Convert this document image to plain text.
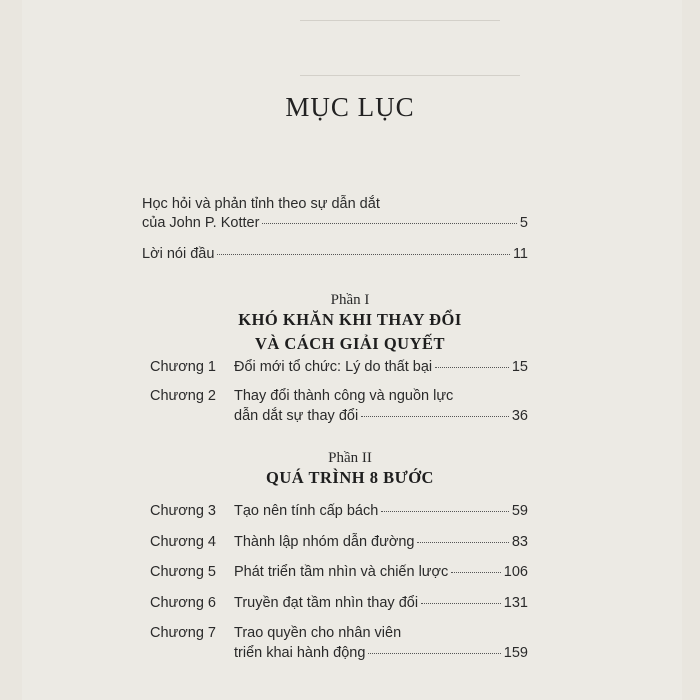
MỤC LỤC
Học hỏi và phản tỉnh theo sự dẫn dắt
của John P. Kotter	5
Lời nói đầu	11
Phần I
KHÓ KHĂN KHI THAY ĐỔI
VÀ CÁCH GIẢI QUYẾT
Chương 1 Đổi mới tổ chức: Lý do thất bại	15
Chương 2 Thay đổi thành công và nguồn lực
dẫn dắt sự thay đổi	36
Phần II
QUÁ TRÌNH 8 BƯỚC
Chương 3 Tạo nên tính cấp bách	59
Chương 4 Thành lập nhóm dẫn đường	83
Chương 5 Phát triển tầm nhìn và chiến lược	106
Chương 6 Truyền đạt tầm nhìn thay đổi	131
Chương 7 Trao quyền cho nhân viên
triển khai hành động	159
